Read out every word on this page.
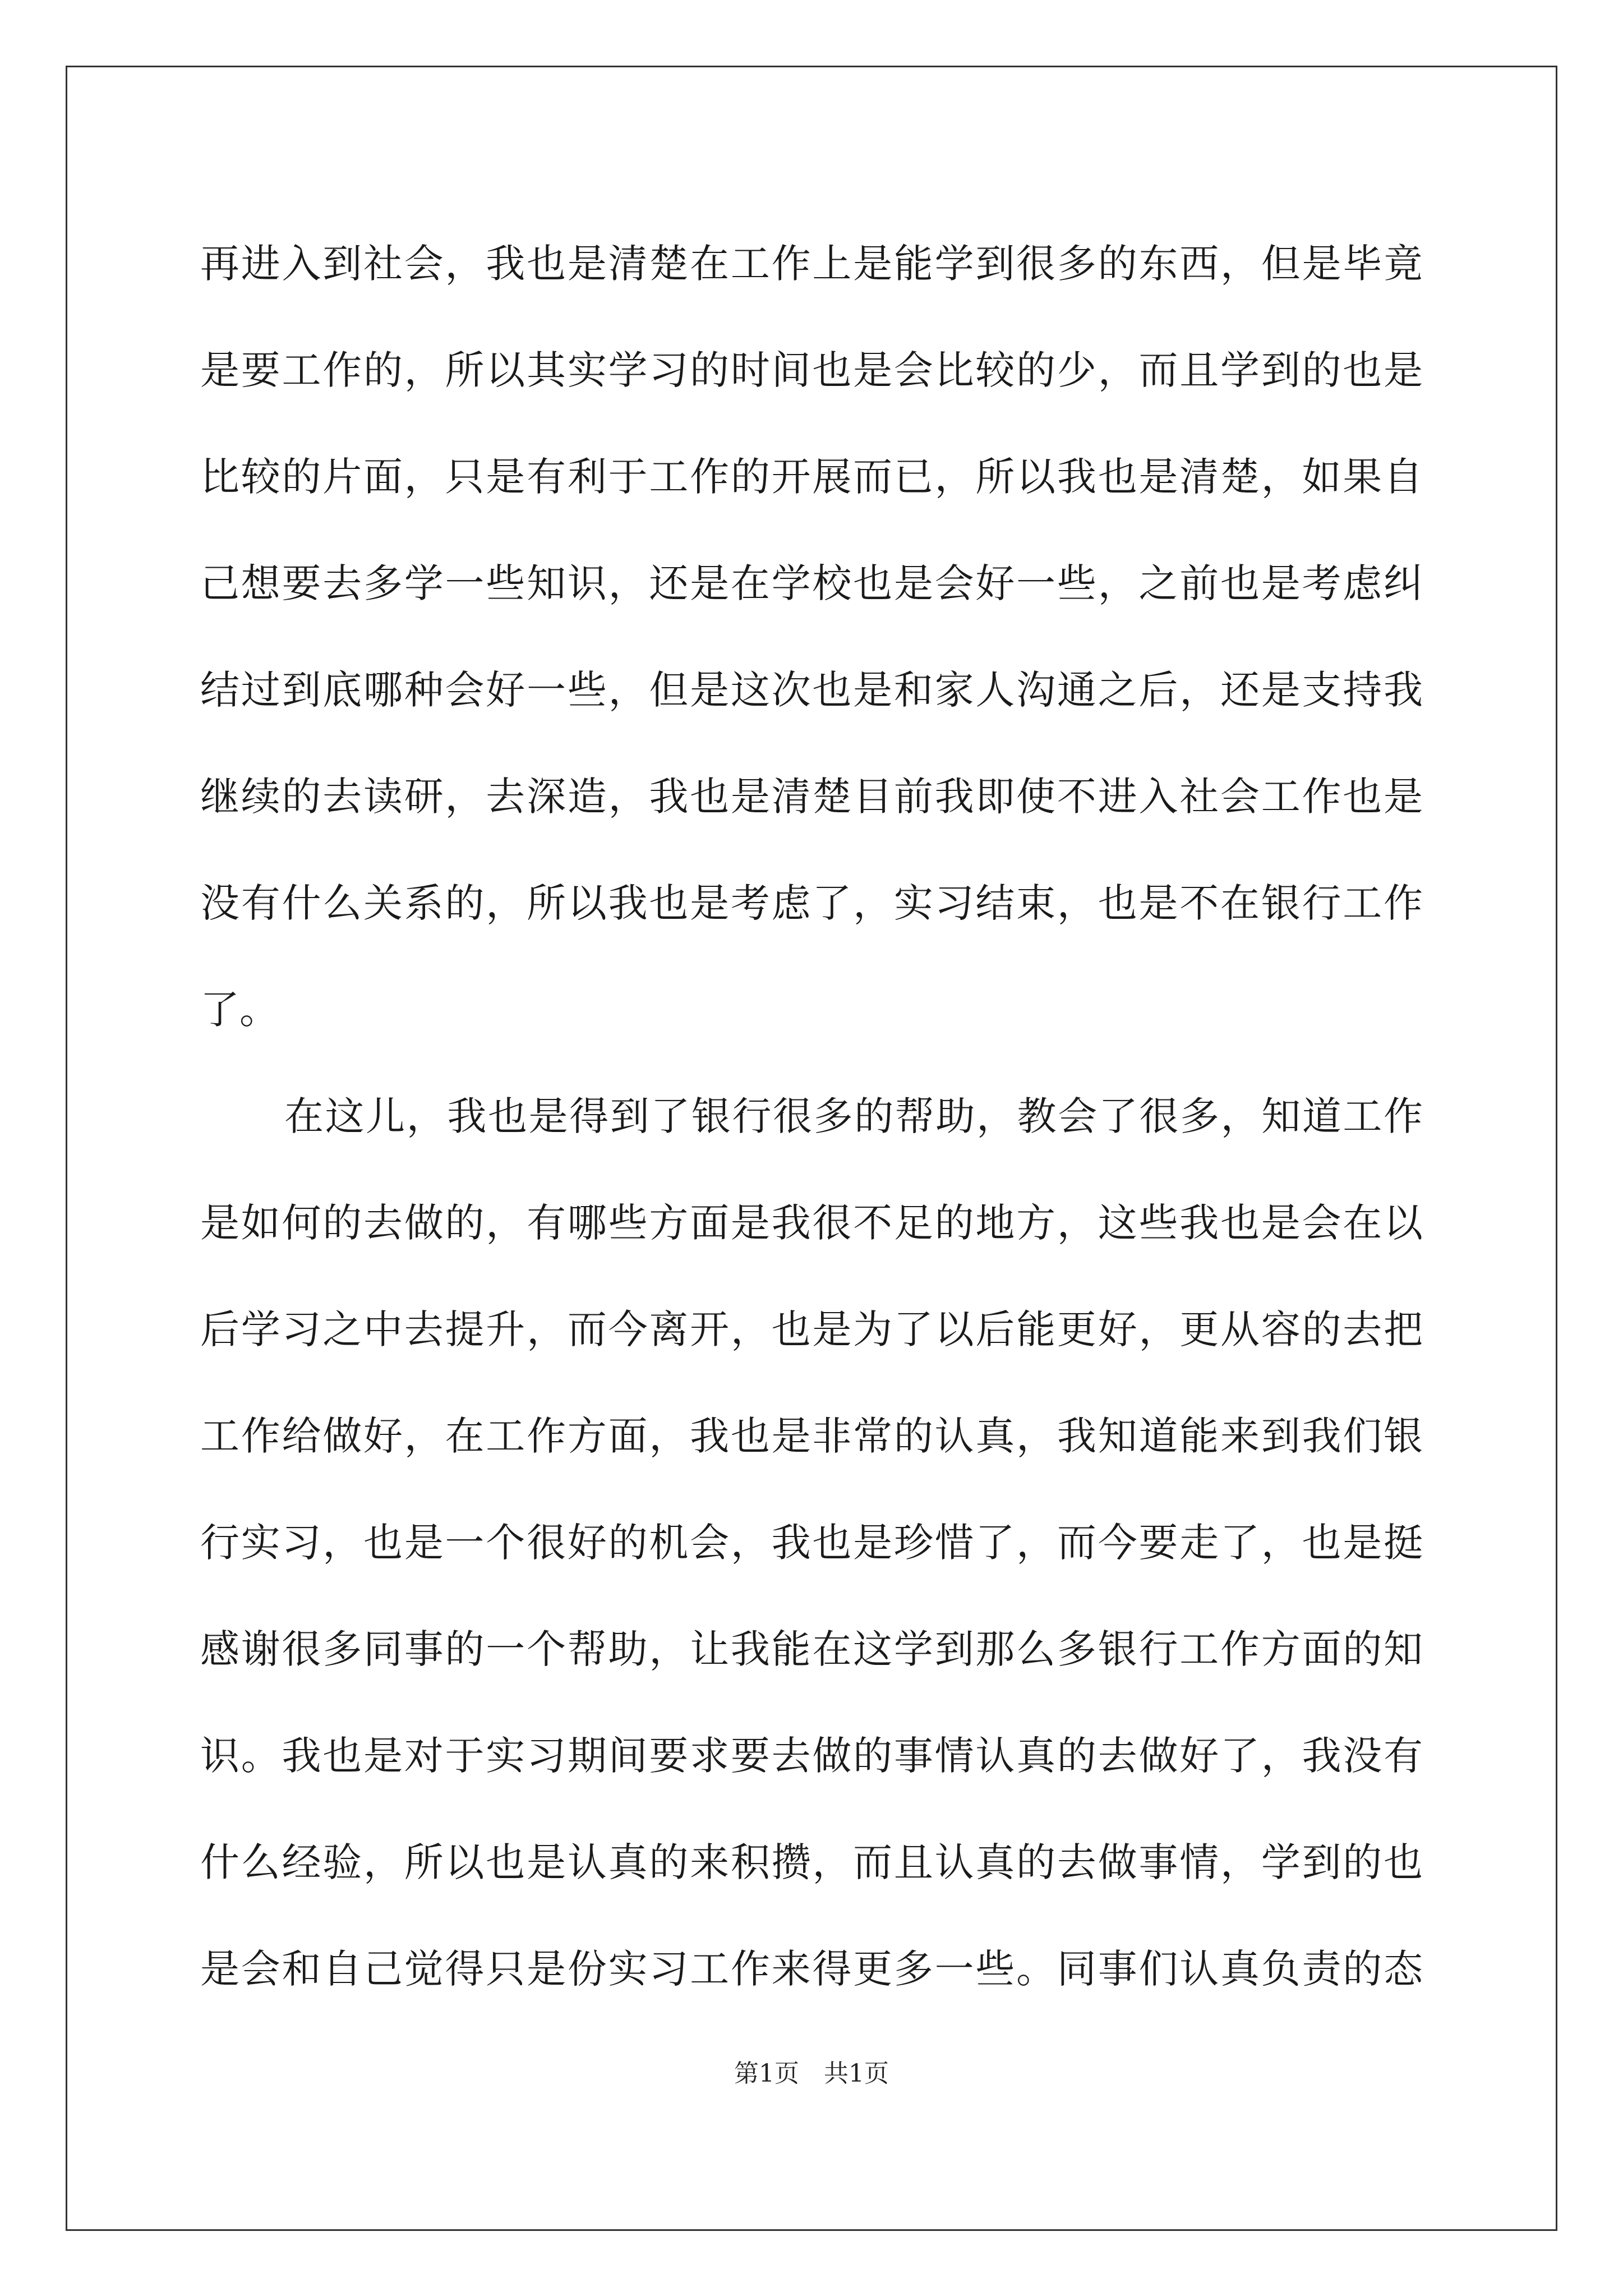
再进入到社会，我也是清楚在工作上是能学到很多的东西，但是毕竟
是要工作的，所以其实学习的时间也是会比较的少，而且学到的也是
比较的片面，只是有利于工作的开展而已，所以我也是清楚，如果自
己想要去多学一些知识，还是在学校也是会好一些，之前也是考虑纠
结过到底哪种会好一些，但是这次也是和家人沟通之后，还是支持我
继续的去读研，去深造，我也是清楚目前我即使不进入社会工作也是
没有什么关系的，所以我也是考虑了，实习结束，也是不在银行工作
了。
在这儿，我也是得到了银行很多的帮助，教会了很多，知道工作
是如何的去做的，有哪些方面是我很不足的地方，这些我也是会在以
后学习之中去提升，而今离开，也是为了以后能更好，更从容的去把
工作给做好，在工作方面，我也是非常的认真，我知道能来到我们银
行实习，也是一个很好的机会，我也是珍惜了，而今要走了，也是挺
感谢很多同事的一个帮助，让我能在这学到那么多银行工作方面的知
识。我也是对于实习期间要求要去做的事情认真的去做好了，我没有
什么经验，所以也是认真的来积攒，而且认真的去做事情，学到的也
是会和自己觉得只是份实习工作来得更多一些。同事们认真负责的态
第1页　共1页
